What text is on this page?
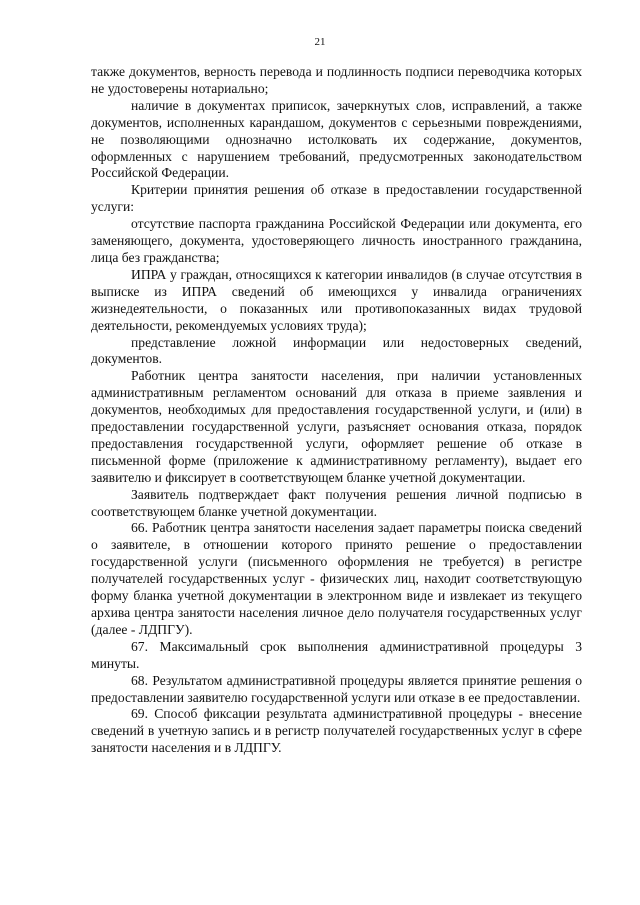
21

также документов, верность перевода и подлинность подписи переводчика которых не удостоверены нотариально;

наличие в документах приписок, зачеркнутых слов, исправлений, а также документов, исполненных карандашом, документов с серьезными повреждениями, не позволяющими однозначно истолковать их содержание, документов, оформленных с нарушением требований, предусмотренных законодательством Российской Федерации.

Критерии принятия решения об отказе в предоставлении государственной услуги:

отсутствие паспорта гражданина Российской Федерации или документа, его заменяющего, документа, удостоверяющего личность иностранного гражданина, лица без гражданства;

ИПРА у граждан, относящихся к категории инвалидов (в случае отсутствия в выписке из ИПРА сведений об имеющихся у инвалида ограничениях жизнедеятельности, о показанных или противопоказанных видах трудовой деятельности, рекомендуемых условиях труда);

представление ложной информации или недостоверных сведений, документов.

Работник центра занятости населения, при наличии установленных административным регламентом оснований для отказа в приеме заявления и документов, необходимых для предоставления государственной услуги, и (или) в предоставлении государственной услуги, разъясняет основания отказа, порядок предоставления государственной услуги, оформляет решение об отказе в письменной форме (приложение к административному регламенту), выдает его заявителю и фиксирует в соответствующем бланке учетной документации.

Заявитель подтверждает факт получения решения личной подписью в соответствующем бланке учетной документации.

66. Работник центра занятости населения задает параметры поиска сведений о заявителе, в отношении которого принято решение о предоставлении государственной услуги (письменного оформления не требуется) в регистре получателей государственных услуг - физических лиц, находит соответствующую форму бланка учетной документации в электронном виде и извлекает из текущего архива центра занятости населения личное дело получателя государственных услуг (далее - ЛДПГУ).

67. Максимальный срок выполнения административной процедуры 3 минуты.

68. Результатом административной процедуры является принятие решения о предоставлении заявителю государственной услуги или отказе в ее предоставлении.

69. Способ фиксации результата административной процедуры - внесение сведений в учетную запись и в регистр получателей государственных услуг в сфере занятости населения и в ЛДПГУ.
